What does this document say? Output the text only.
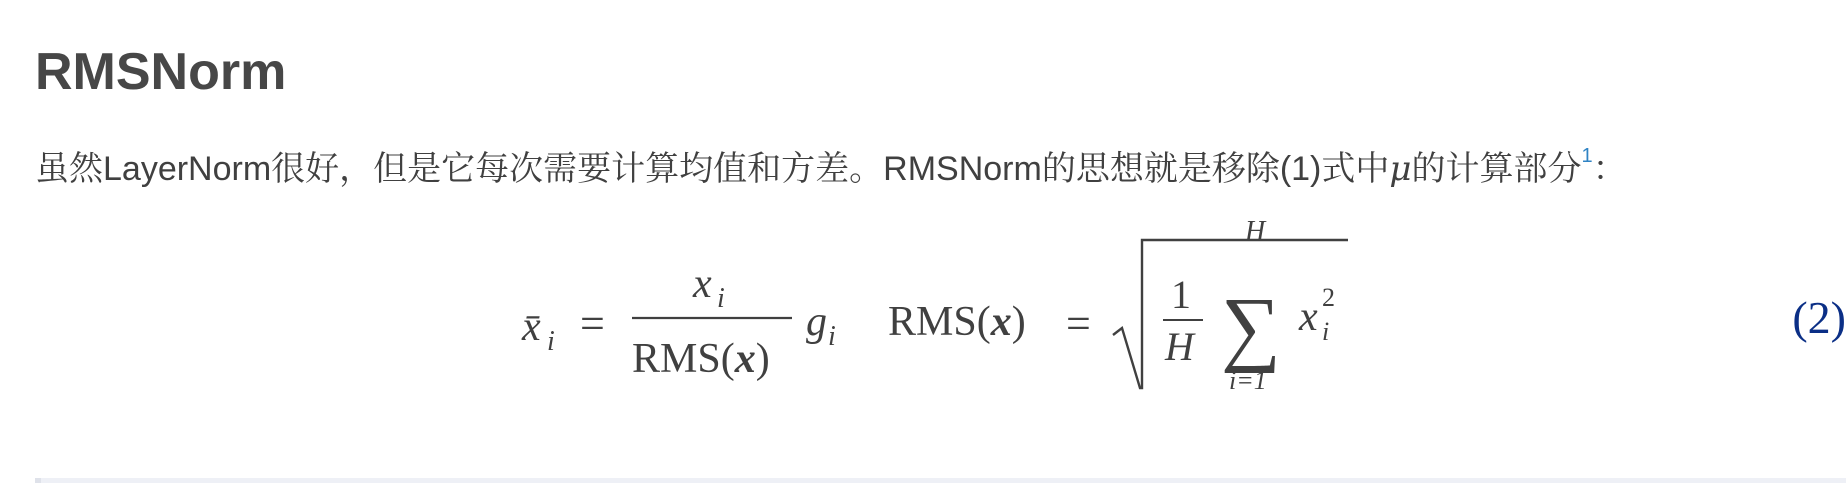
RMSNorm

虽然LayerNorm很好，但是它每次需要计算均值和方差。RMSNorm的思想就是移除(1)式中μ的计算部分$^1$：

x̄ i =
x i
RMS(x)
g i RMS(x) =
1
H
H
∑
i=1
x 2
i	(2)
